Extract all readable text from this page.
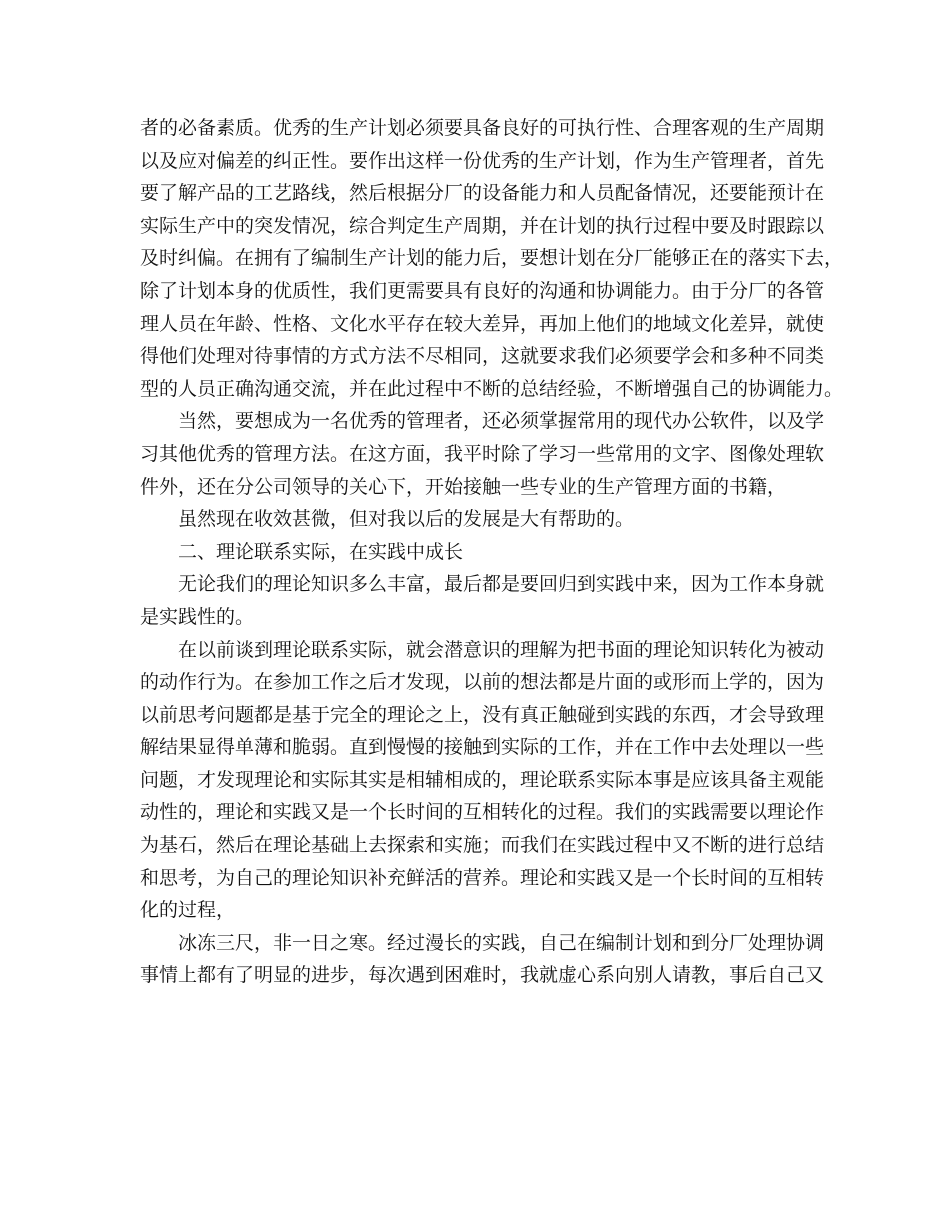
者的必备素质。优秀的生产计划必须要具备良好的可执行性、合理客观的生产周期
以及应对偏差的纠正性。要作出这样一份优秀的生产计划，作为生产管理者，首先
要了解产品的工艺路线，然后根据分厂的设备能力和人员配备情况，还要能预计在
实际生产中的突发情况，综合判定生产周期，并在计划的执行过程中要及时跟踪以
及时纠偏。在拥有了编制生产计划的能力后，要想计划在分厂能够正在的落实下去，
除了计划本身的优质性，我们更需要具有良好的沟通和协调能力。由于分厂的各管
理人员在年龄、性格、文化水平存在较大差异，再加上他们的地域文化差异，就使
得他们处理对待事情的方式方法不尽相同，这就要求我们必须要学会和多种不同类
型的人员正确沟通交流，并在此过程中不断的总结经验，不断增强自己的协调能力。
当然，要想成为一名优秀的管理者，还必须掌握常用的现代办公软件，以及学
习其他优秀的管理方法。在这方面，我平时除了学习一些常用的文字、图像处理软
件外，还在分公司领导的关心下，开始接触一些专业的生产管理方面的书籍，
虽然现在收效甚微，但对我以后的发展是大有帮助的。
二、理论联系实际，在实践中成长
无论我们的理论知识多么丰富，最后都是要回归到实践中来，因为工作本身就
是实践性的。
在以前谈到理论联系实际，就会潜意识的理解为把书面的理论知识转化为被动
的动作行为。在参加工作之后才发现，以前的想法都是片面的或形而上学的，因为
以前思考问题都是基于完全的理论之上，没有真正触碰到实践的东西，才会导致理
解结果显得单薄和脆弱。直到慢慢的接触到实际的工作，并在工作中去处理以一些
问题，才发现理论和实际其实是相辅相成的，理论联系实际本事是应该具备主观能
动性的，理论和实践又是一个长时间的互相转化的过程。我们的实践需要以理论作
为基石，然后在理论基础上去探索和实施；而我们在实践过程中又不断的进行总结
和思考，为自己的理论知识补充鲜活的营养。理论和实践又是一个长时间的互相转
化的过程，
冰冻三尺，非一日之寒。经过漫长的实践，自己在编制计划和到分厂处理协调
事情上都有了明显的进步，每次遇到困难时，我就虚心系向别人请教，事后自己又
